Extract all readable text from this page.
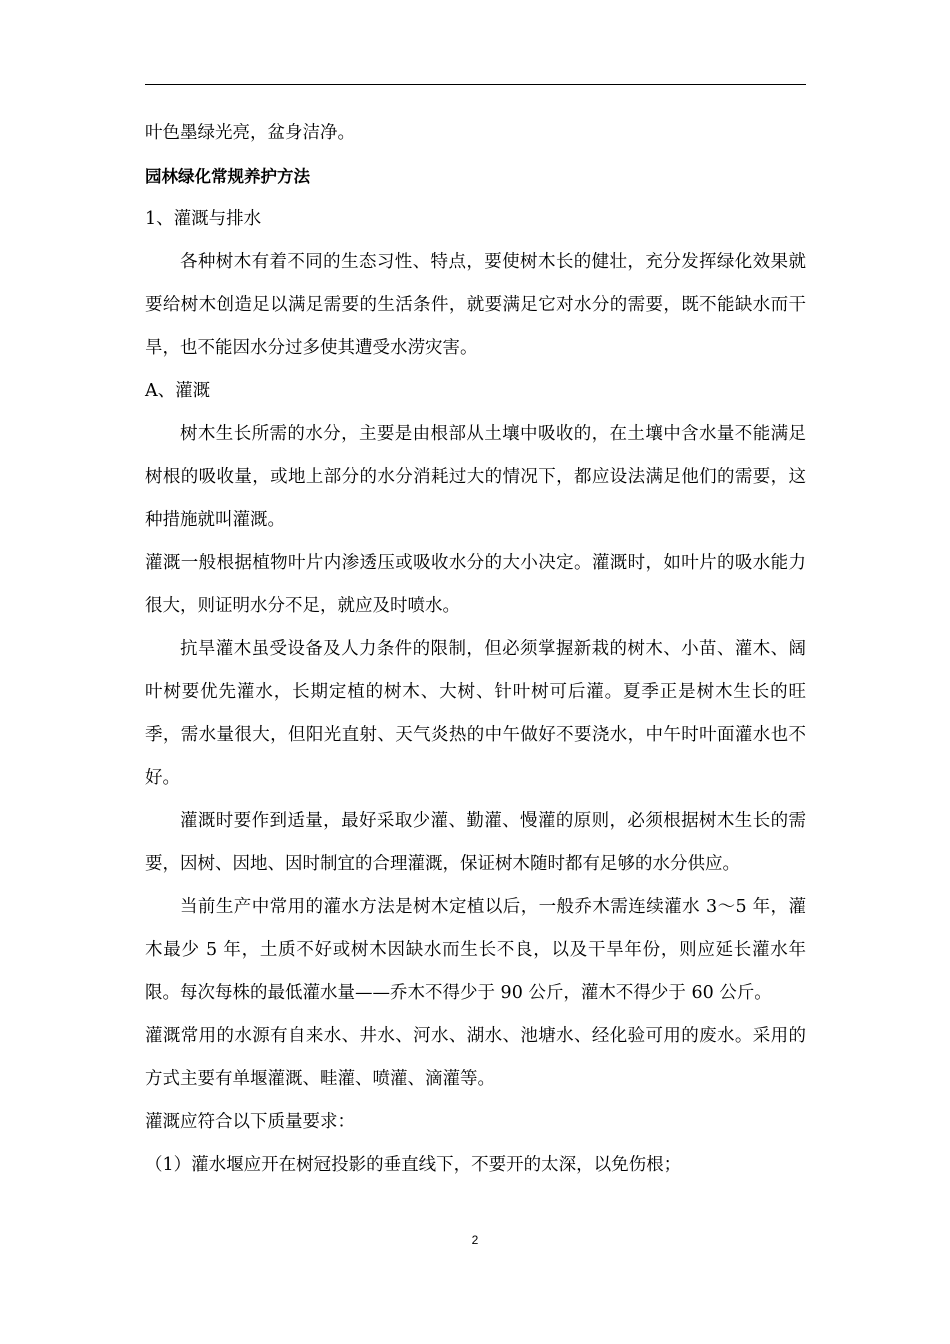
叶色墨绿光亮，盆身洁净。

园林绿化常规养护方法

1、灌溉与排水

各种树木有着不同的生态习性、特点，要使树木长的健壮，充分发挥绿化效果就要给树木创造足以满足需要的生活条件，就要满足它对水分的需要，既不能缺水而干旱，也不能因水分过多使其遭受水涝灾害。

A、灌溉

树木生长所需的水分，主要是由根部从土壤中吸收的，在土壤中含水量不能满足树根的吸收量，或地上部分的水分消耗过大的情况下，都应设法满足他们的需要，这种措施就叫灌溉。

灌溉一般根据植物叶片内渗透压或吸收水分的大小决定。灌溉时，如叶片的吸水能力很大，则证明水分不足，就应及时喷水。

抗旱灌木虽受设备及人力条件的限制，但必须掌握新栽的树木、小苗、灌木、阔叶树要优先灌水，长期定植的树木、大树、针叶树可后灌。夏季正是树木生长的旺季，需水量很大，但阳光直射、天气炎热的中午做好不要浇水，中午时叶面灌水也不好。

灌溉时要作到适量，最好采取少灌、勤灌、慢灌的原则，必须根据树木生长的需要，因树、因地、因时制宜的合理灌溉，保证树木随时都有足够的水分供应。

当前生产中常用的灌水方法是树木定植以后，一般乔木需连续灌水 3～5 年，灌木最少 5 年，土质不好或树木因缺水而生长不良，以及干旱年份，则应延长灌水年限。每次每株的最低灌水量——乔木不得少于 90 公斤，灌木不得少于 60 公斤。

灌溉常用的水源有自来水、井水、河水、湖水、池塘水、经化验可用的废水。采用的方式主要有单堰灌溉、畦灌、喷灌、滴灌等。

灌溉应符合以下质量要求：

（1）灌水堰应开在树冠投影的垂直线下，不要开的太深，以免伤根；

2
